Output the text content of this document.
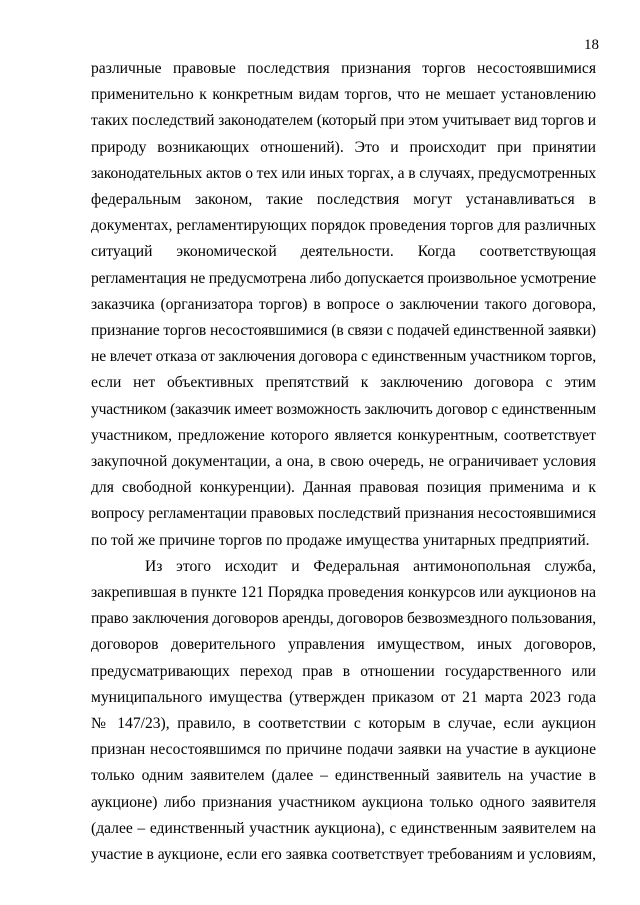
18
различные правовые последствия признания торгов несостоявшимися
применительно к конкретным видам торгов, что не мешает установлению
таких последствий законодателем (который при этом учитывает вид торгов и
природу возникающих отношений). Это и происходит при принятии
законодательных актов о тех или иных торгах, а в случаях, предусмотренных
федеральным законом, такие последствия могут устанавливаться в
документах, регламентирующих порядок проведения торгов для различных
ситуаций экономической деятельности. Когда соответствующая
регламентация не предусмотрена либо допускается произвольное усмотрение
заказчика (организатора торгов) в вопросе о заключении такого договора,
признание торгов несостоявшимися (в связи с подачей единственной заявки)
не влечет отказа от заключения договора с единственным участником торгов,
если нет объективных препятствий к заключению договора с этим
участником (заказчик имеет возможность заключить договор с единственным
участником, предложение которого является конкурентным, соответствует
закупочной документации, а она, в свою очередь, не ограничивает условия
для свободной конкуренции). Данная правовая позиция применима и к
вопросу регламентации правовых последствий признания несостоявшимися
по той же причине торгов по продаже имущества унитарных предприятий.
Из этого исходит и Федеральная антимонопольная служба,
закрепившая в пункте 121 Порядка проведения конкурсов или аукционов на
право заключения договоров аренды, договоров безвозмездного пользования,
договоров доверительного управления имуществом, иных договоров,
предусматривающих переход прав в отношении государственного или
муниципального имущества (утвержден приказом от 21 марта 2023 года
№ 147/23), правило, в соответствии с которым в случае, если аукцион
признан несостоявшимся по причине подачи заявки на участие в аукционе
только одним заявителем (далее – единственный заявитель на участие в
аукционе) либо признания участником аукциона только одного заявителя
(далее – единственный участник аукциона), с единственным заявителем на
участие в аукционе, если его заявка соответствует требованиям и условиям,
